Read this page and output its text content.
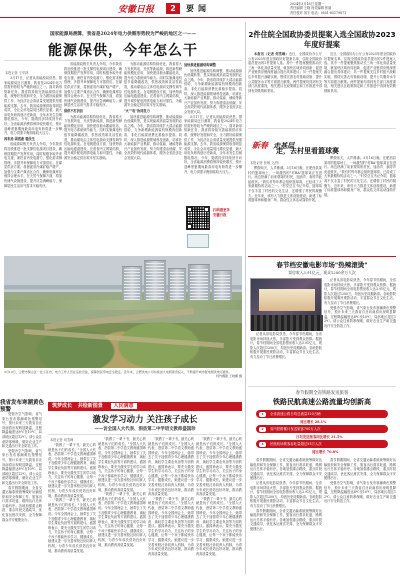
安徽日报	2	要闻	2024年3月18日 星期一
责任编辑 王晓 视觉编辑 张丽
责任校对 刘宇 电话：0551-65179871
国家能源局测算，我省是2024年电力供需形势较为严峻的地区之一——
能源保供，今年怎么干
本报记者 王华林

3月17日，记者从省能源局获悉，国家能源局近日测算，我省是2024年电力供需形势较为严峻的地区之一。面对新形势新任务，我省将持续完善能源供应体系，统筹好发展和安全，全力做好能源保供工作，为经济社会高质量发展提供坚强能源支撑。去年，我省能源保供取得明显成效，全社会用电量同比增长显著，最大用电负荷再创历史新高，全年未发生拉闸限电情况。今年，随着经济持续回升向好，全省能源消费将保持较快增长，预计迎峰度夏期间最高用电负荷将进一步攀升，电力供需平衡面临较大压力。

再布局 固底座 稳民生

省能源局相关负责人介绍，今年我省将加快推进一批支撑性电源项目建设，确保按期投产发挥作用，同时积极争取外来电支援，深挖省内发电潜力，强化需求侧管理，多措并举保障电力可靠供应。在煤炭供应方面，将督促省内煤矿稳产增产，加强与主要产煤省区合作，确保电煤库存保持合理水平。在天然气保障方面，将加快储气设施建设，提升应急调峰能力，保障居民生活用气需求平稳有序。

省能源局相关负责人介绍，今年我省将加快推进一批支撑性电源项目建设，确保按期投产发挥作用，同时积极争取外来电支援，深挖省内发电潜力，强化需求侧管理，多措并举保障电力可靠供应。在煤炭供应方面，将督促省内煤矿稳产增产，加强与主要产煤省区合作，确保电煤库存保持合理水平。在天然气保障方面，将加快储气设施建设，提升应急调峰能力，保障居民生活用气需求平稳有序。

保供不打折扣

为推动能源结构持续优化，我省将大力发展风电、光伏等新能源，推进新型储能规模化应用，加快建设抽水蓄能电站，提升电力系统调节能力。同时实施煤电机组节能降碳改造、供热改造和灵活性改造，推动煤电由主体性电源向支撑性调节性电源转变。在电网建设方面，加快特高压输电通道建设，完善省内主网架结构，提升城乡配电网供电能力和可靠性，为能源安全稳定供应筑牢坚实基础。

为推动能源结构持续优化，我省将大力发展风电、光伏等新能源，推进新型储能规模化应用，加快建设抽水蓄能电站，提升电力系统调节能力。同时实施煤电机组节能降碳改造、供热改造和灵活性改造，推动煤电由主体性电源向支撑性调节性电源转变。在电网建设方面，加快特高压输电通道建设，完善省内主网架结构，提升城乡配电网供电能力和可靠性，为能源安全稳定供应筑牢坚实基础。

"火""电"协同发力

加快推进能源结构调整，推动能源绿色低碳转型，是实现能源高质量发展的必由之路。今年，我省将持续扩大清洁能源供给，力争新增新能源装机规模再创新高，非化石能源消费比重稳步提高。同时，深入推进能源领域科技创新，培育壮大新能源产业集群，推动氢能、储能等新兴产业加快发展，努力构建清洁低碳、安全高效的现代能源体系，服务全省经济社会发展大局。

加快推进能源结构调整

加快推进能源结构调整，推动能源绿色低碳转型，是实现能源高质量发展的必由之路。今年，我省将持续扩大清洁能源供给，力争新增新能源装机规模再创新高，非化石能源消费比重稳步提高。同时，深入推进能源领域科技创新，培育壮大新能源产业集群，推动氢能、储能等新兴产业加快发展，努力构建清洁低碳、安全高效的现代能源体系，服务全省经济社会发展大局。

3月17日，记者从省能源局获悉，国家能源局近日测算，我省是2024年电力供需形势较为严峻的地区之一。面对新形势新任务，我省将持续完善能源供应体系，统筹好发展和安全，全力做好能源保供工作，为经济社会高质量发展提供坚强能源支撑。去年，我省能源保供取得明显成效，全社会用电量同比增长显著，最大用电负荷再创历史新高，全年未发生拉闸限电情况。今年，随着经济持续回升向好，全省能源消费将保持较快增长，预计迎峰度夏期间最高用电负荷将进一步攀升，电力供需平衡面临较大压力。

扫码看更多
安徽日报
3月12日，合肥市蜀山区一处小区内，电力工作人员在巡检设备，保障居民用电安全稳定。近年来，合肥供电公司持续加大电网建设投入，不断提升城市配电网供电可靠性。
特约摄影 王晓鹏 摄
2件住皖全国政协委员提案入选全国政协2023年度好提案

本报讯（记者 何雪峰）近日，全国政协办公厅公布2023年度全国政协好提案名单，住皖全国政协委员提出的2件提案入选。其中一件提案聚焦推动长三角一体化高质量发展，就加快区域协同创新、促进产业链供应链深度融合提出具体建议；另一件提案关注乡村振兴战略实施，围绕完善农村基础设施、提升公共服务水平等方面建言献策。两件提案均得到有关部门高度重视，相关建议在政策制定和工作推进中得到有效吸纳和采用。

近日，全国政协办公厅公布2023年度全国政协好提案名单，住皖全国政协委员提出的2件提案入选。其中一件提案聚焦推动长三角一体化高质量发展，就加快区域协同创新、促进产业链供应链深度融合提出具体建议；另一件提案关注乡村振兴战略实施，围绕完善农村基础设施、提升公共服务水平等方面建言献策。两件提案均得到有关部门高度重视，相关建议在政策制定和工作推进中得到有效吸纳和采用。

新春 走基层
走，去村里看篮球赛
本报记者 张敏 文/图

锣鼓喧天，人声鼎沸。3月16日晚，在肥西县某村的篮球场上，一场激烈的"村BA"篮球赛正在进行。场边挤满了前来观赛的村民，加油声、欢呼声此起彼伏。"我们村每年都会组织篮球赛，已经成了大家最期待的活动之一。"村党总支书记介绍，篮球赛不仅丰富了村民的文化生活，还增强了村民的凝聚力。近年来，该村大力推进文体设施建设，新建了标准篮球场和健身广场，群众性文体活动蓬勃开展。

锣鼓喧天，人声鼎沸。3月16日晚，在肥西县某村的篮球场上，一场激烈的"村BA"篮球赛正在进行。场边挤满了前来观赛的村民，加油声、欢呼声此起彼伏。"我们村每年都会组织篮球赛，已经成了大家最期待的活动之一。"村党总支书记介绍，篮球赛不仅丰富了村民的文化生活，还增强了村民的凝聚力。近年来，该村大力推进文体设施建设，新建了标准篮球场和健身广场，群众性文体活动蓬勃开展。

春节档安徽电影市场"热辣滚烫"
票房收入3.91亿元，观众1200余万人次

记者从省电影局获悉，今年春节档期间，全省电影市场持续火热，多部影片受到观众热捧。据统计，春节档期间全省电影票房收入达3.91亿元，观影人次超过1200万，均创历史同期新高。各地影院积极开展惠民观影活动，丰富群众节日文化生活，有力拉动了节日消费增长。

记者从省电影局获悉，今年春节档期间，全省电影市场持续火热，多部影片受到观众热捧。据统计，春节档期间全省电影票房收入达3.91亿元，观影人次超过1200万，均创历史同期新高。各地影院积极开展惠民观影活动，丰富群众节日文化生活，有力拉动了节日消费增长。

受强冷空气影响，省气象台发布寒潮黄色预警信号，预计未来三天我省自北向南将出现明显降温，过程降温幅度达8℃至10℃，局部地区超过12℃。请公众注意防寒保暖，做好农业生产和交通出行安全防范工作。

春节假期全省铁路发送旅客
铁路民航高速公路流量均创新高
1	全省高速公路日均总流量310万辆
同比增长 28.1%
2	省内铁路累计发送旅客700万人次
日均发送旅客同比增长 31.5%
3	民航机场旅客吞吐量超过55万人次
同比增长 70.8%

春节假期期间，全省交通运输系统统筹做好运输组织和安全保障工作，旅客出行需求旺盛，路网运行总体平稳有序。各地加强重点路段、重点时段交通疏导，优化客运班次安排，全力保障群众平安便捷出行。

记者从省电影局获悉，今年春节档期间，全省电影市场持续火热，多部影片受到观众热捧。据统计，春节档期间全省电影票房收入达3.91亿元，观影人次超过1200万，均创历史同期新高。各地影院积极开展惠民观影活动，丰富群众节日文化生活，有力拉动了节日消费增长。

春节假期期间，全省交通运输系统统筹做好运输组织和安全保障工作，旅客出行需求旺盛，路网运行总体平稳有序。各地加强重点路段、重点时段交通疏导，优化客运班次安排，全力保障群众平安便捷出行。

春节假期期间，全省交通运输系统统筹做好运输组织和安全保障工作，旅客出行需求旺盛，路网运行总体平稳有序。各地加强重点路段、重点时段交通疏导，优化客运班次安排，全力保障群众平安便捷出行。

受强冷空气影响，省气象台发布寒潮黄色预警信号，预计未来三天我省自北向南将出现明显降温，过程降温幅度达8℃至10℃，局部地区超过12℃。请公众注意防寒保暖，做好农业生产和交通出行安全防范工作。

我省发布寒潮黄色预警

受强冷空气影响，省气象台发布寒潮黄色预警信号，预计未来三天我省自北向南将出现明显降温，过程降温幅度达8℃至10℃，局部地区超过12℃。请公众注意防寒保暖，做好农业生产和交通出行安全防范工作。

受强冷空气影响，省气象台发布寒潮黄色预警信号，预计未来三天我省自北向南将出现明显降温，过程降温幅度达8℃至10℃，局部地区超过12℃。请公众注意防寒保暖，做好农业生产和交通出行安全防范工作。

春节假期期间，全省交通运输系统统筹做好运输组织和安全保障工作，旅客出行需求旺盛，路网运行总体平稳有序。各地加强重点路段、重点时段交通疏导，优化客运班次安排，全力保障群众平安便捷出行。

筑梦成长 共绘新图景 人民满意
激发学习动力 关注孩子成长
——访全国人大代表、泗县第二中学语文教师盛国珍
本报记者 何雪峰

"我教了一辈子书，最关心的就是孩子们的成长。"全国人大代表、泗县第二中学语文教师盛国珍说。今年全国两会上，她带去了关于加强青少年心理健康教育、减轻学生课业负担等方面的建议。盛国珍表示，要充分激发学生的学习动力，关注孩子的身心健康，让每一个孩子都能快乐学习、健康成长。她建议进一步完善家校社协同育人机制，为青少年成长营造良好环境，推动教育高质量发展。

"我教了一辈子书，最关心的就是孩子们的成长。"全国人大代表、泗县第二中学语文教师盛国珍说。今年全国两会上，她带去了关于加强青少年心理健康教育、减轻学生课业负担等方面的建议。盛国珍表示，要充分激发学生的学习动力，关注孩子的身心健康，让每一个孩子都能快乐学习、健康成长。她建议进一步完善家校社协同育人机制，为青少年成长营造良好环境，推动教育高质量发展。

"我教了一辈子书，最关心的就是孩子们的成长。"全国人大代表、泗县第二中学语文教师盛国珍说。今年全国两会上，她带去了关于加强青少年心理健康教育、减轻学生课业负担等方面的建议。盛国珍表示，要充分激发学生的学习动力，关注孩子的身心健康，让每一个孩子都能快乐学习、健康成长。她建议进一步完善家校社协同育人机制，为青少年成长营造良好环境，推动教育高质量发展。

"我教了一辈子书，最关心的就是孩子们的成长。"全国人大代表、泗县第二中学语文教师盛国珍说。今年全国两会上，她带去了关于加强青少年心理健康教育、减轻学生课业负担等方面的建议。盛国珍表示，要充分激发学生的学习动力，关注孩子的身心健康，让每一个孩子都能快乐学习、健康成长。她建议进一步完善家校社协同育人机制，为青少年成长营造良好环境，推动教育高质量发展。

"我教了一辈子书，最关心的就是孩子们的成长。"全国人大代表、泗县第二中学语文教师盛国珍说。今年全国两会上，她带去了关于加强青少年心理健康教育、减轻学生课业负担等方面的建议。盛国珍表示，要充分激发学生的学习动力，关注孩子的身心健康，让每一个孩子都能快乐学习、健康成长。她建议进一步完善家校社协同育人机制，为青少年成长营造良好环境，推动教育高质量发展。

"我教了一辈子书，最关心的就是孩子们的成长。"全国人大代表、泗县第二中学语文教师盛国珍说。今年全国两会上，她带去了关于加强青少年心理健康教育、减轻学生课业负担等方面的建议。盛国珍表示，要充分激发学生的学习动力，关注孩子的身心健康，让每一个孩子都能快乐学习、健康成长。她建议进一步完善家校社协同育人机制，为青少年成长营造良好环境，推动教育高质量发展。

"我教了一辈子书，最关心的就是孩子们的成长。"全国人大代表、泗县第二中学语文教师盛国珍说。今年全国两会上，她带去了关于加强青少年心理健康教育、减轻学生课业负担等方面的建议。盛国珍表示，要充分激发学生的学习动力，关注孩子的身心健康，让每一个孩子都能快乐学习、健康成长。她建议进一步完善家校社协同育人机制，为青少年成长营造良好环境，推动教育高质量发展。

"我教了一辈子书，最关心的就是孩子们的成长。"全国人大代表、泗县第二中学语文教师盛国珍说。今年全国两会上，她带去了关于加强青少年心理健康教育、减轻学生课业负担等方面的建议。盛国珍表示，要充分激发学生的学习动力，关注孩子的身心健康，让每一个孩子都能快乐学习、健康成长。她建议进一步完善家校社协同育人机制，为青少年成长营造良好环境，推动教育高质量发展。
